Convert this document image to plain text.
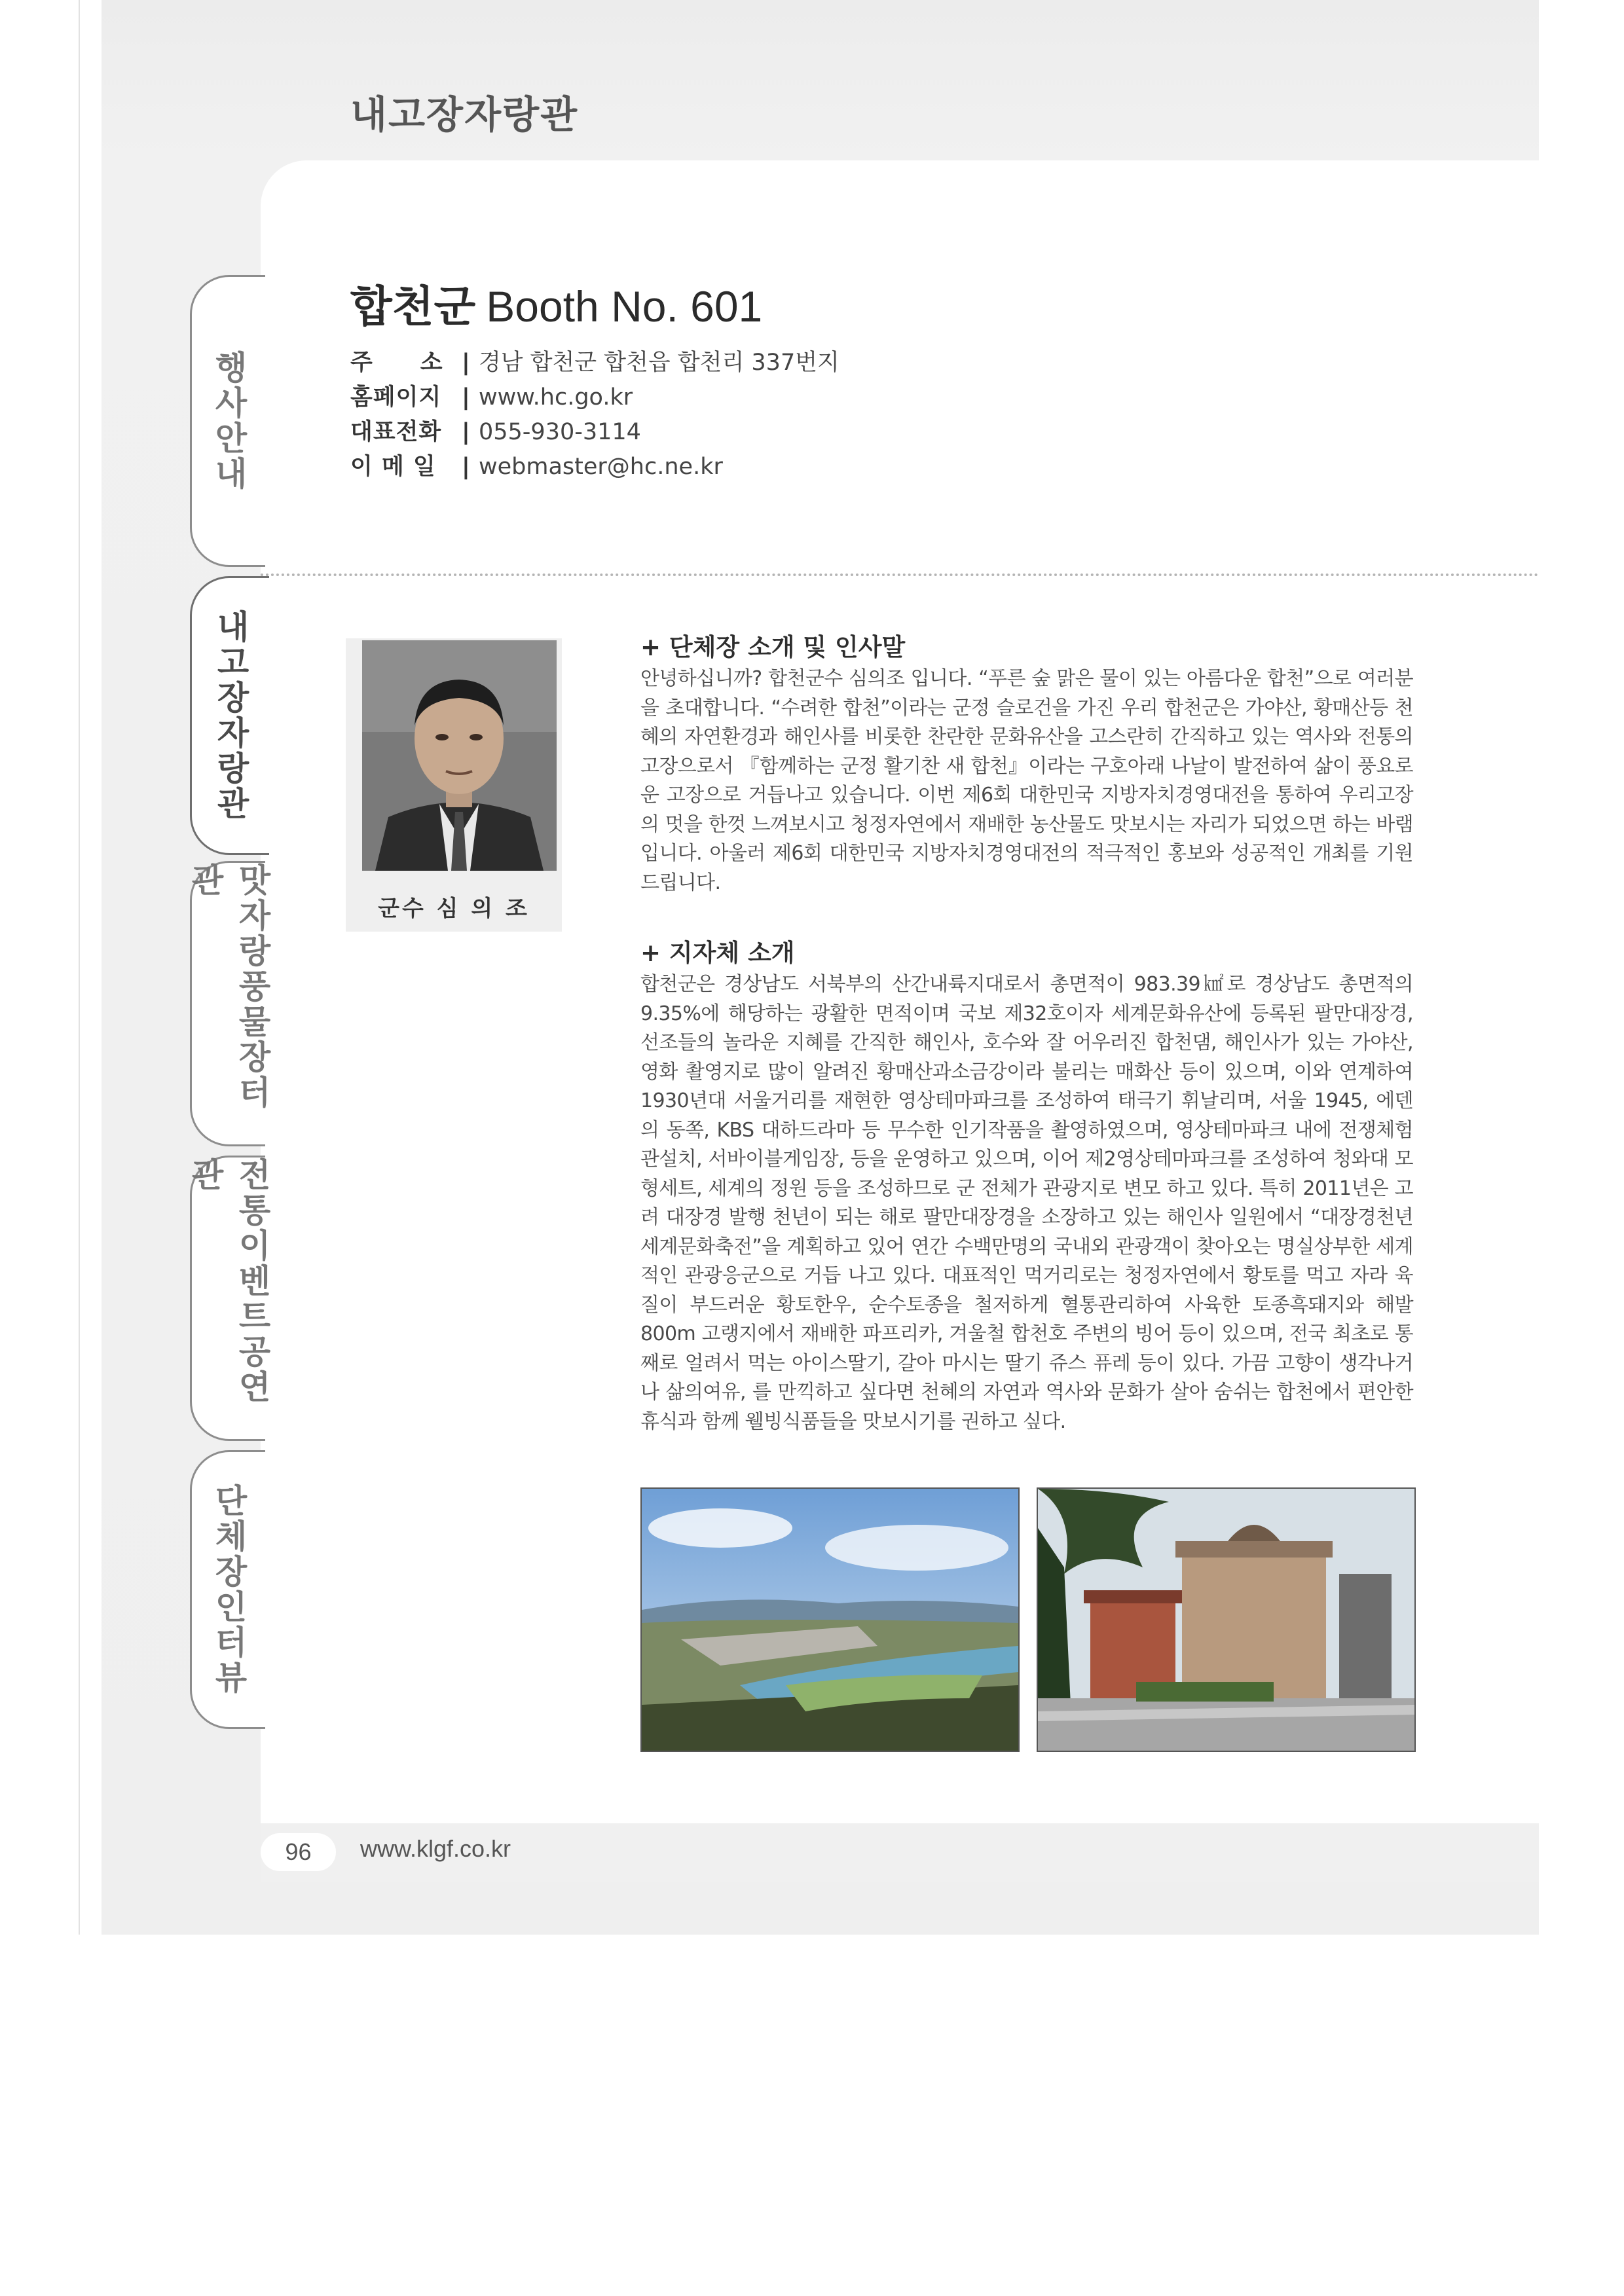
내고장자랑관
행사안내
내고장자랑관
맛자랑풍물장터관
전통이벤트공연관
단체장인터뷰
합천군 Booth No. 601
주　　소 | 경남 합천군 합천읍 합천리 337번지
홈페이지 | www.hc.go.kr
대표전화 | 055-930-3114
이 메 일	| webmaster@hc.ne.kr
군수 심 의 조
+ 단체장 소개 및 인사말
안녕하십니까? 합천군수 심의조 입니다. “푸른 숲 맑은 물이 있는 아름다운 합천”으로 여러분을 초대합니다. “수려한 합천”이라는 군정 슬로건을 가진 우리 합천군은 가야산, 황매산등 천혜의 자연환경과 해인사를 비롯한 찬란한 문화유산을 고스란히 간직하고 있는 역사와 전통의 고장으로서 『함께하는 군정 활기찬 새 합천』이라는 구호아래 나날이 발전하여 삶이 풍요로운 고장으로 거듭나고 있습니다. 이번 제6회 대한민국 지방자치경영대전을 통하여 우리고장의 멋을 한껏 느껴보시고 청정자연에서 재배한 농산물도 맛보시는 자리가 되었으면 하는 바램입니다. 아울러 제6회 대한민국 지방자치경영대전의 적극적인 홍보와 성공적인 개최를 기원 드립니다.
+ 지자체 소개
합천군은 경상남도 서북부의 산간내륙지대로서 총면적이 983.39㎢로 경상남도 총면적의 9.35%에 해당하는 광활한 면적이며 국보 제32호이자 세계문화유산에 등록된 팔만대장경, 선조들의 놀라운 지혜를 간직한 해인사, 호수와 잘 어우러진 합천댐, 해인사가 있는 가야산, 영화 촬영지로 많이 알려진 황매산과소금강이라 불리는 매화산 등이 있으며, 이와 연계하여1930년대 서울거리를 재현한 영상테마파크를 조성하여 태극기 휘날리며, 서울 1945, 에덴의 동쪽, KBS 대하드라마 등 무수한 인기작품을 촬영하였으며, 영상테마파크 내에 전쟁체험관설치, 서바이블게임장, 등을 운영하고 있으며, 이어 제2영상테마파크를 조성하여 청와대 모형세트, 세계의 정원 등을 조성하므로 군 전체가 관광지로 변모 하고 있다. 특히 2011년은 고려 대장경 발행 천년이 되는 해로 팔만대장경을 소장하고 있는 해인사 일원에서 “대장경천년세계문화축전”을 계획하고 있어 연간 수백만명의 국내외 관광객이 찾아오는 명실상부한 세계적인 관광응군으로 거듭 나고 있다. 대표적인 먹거리로는 청정자연에서 황토를 먹고 자라 육질이 부드러운 황토한우, 순수토종을 철저하게 혈통관리하여 사육한 토종흑돼지와 해발 800m 고랭지에서 재배한 파프리카, 겨울철 합천호 주변의 빙어 등이 있으며, 전국 최초로 통째로 얼려서 먹는 아이스딸기, 갈아 마시는 딸기 쥬스 퓨레 등이 있다. 가끔 고향이 생각나거나 삶의여유, 를 만끽하고 싶다면 천혜의 자연과 역사와 문화가 살아 숨쉬는 합천에서 편안한 휴식과 함께 웰빙식품들을 맛보시기를 권하고 싶다.
96	www.klgf.co.kr
